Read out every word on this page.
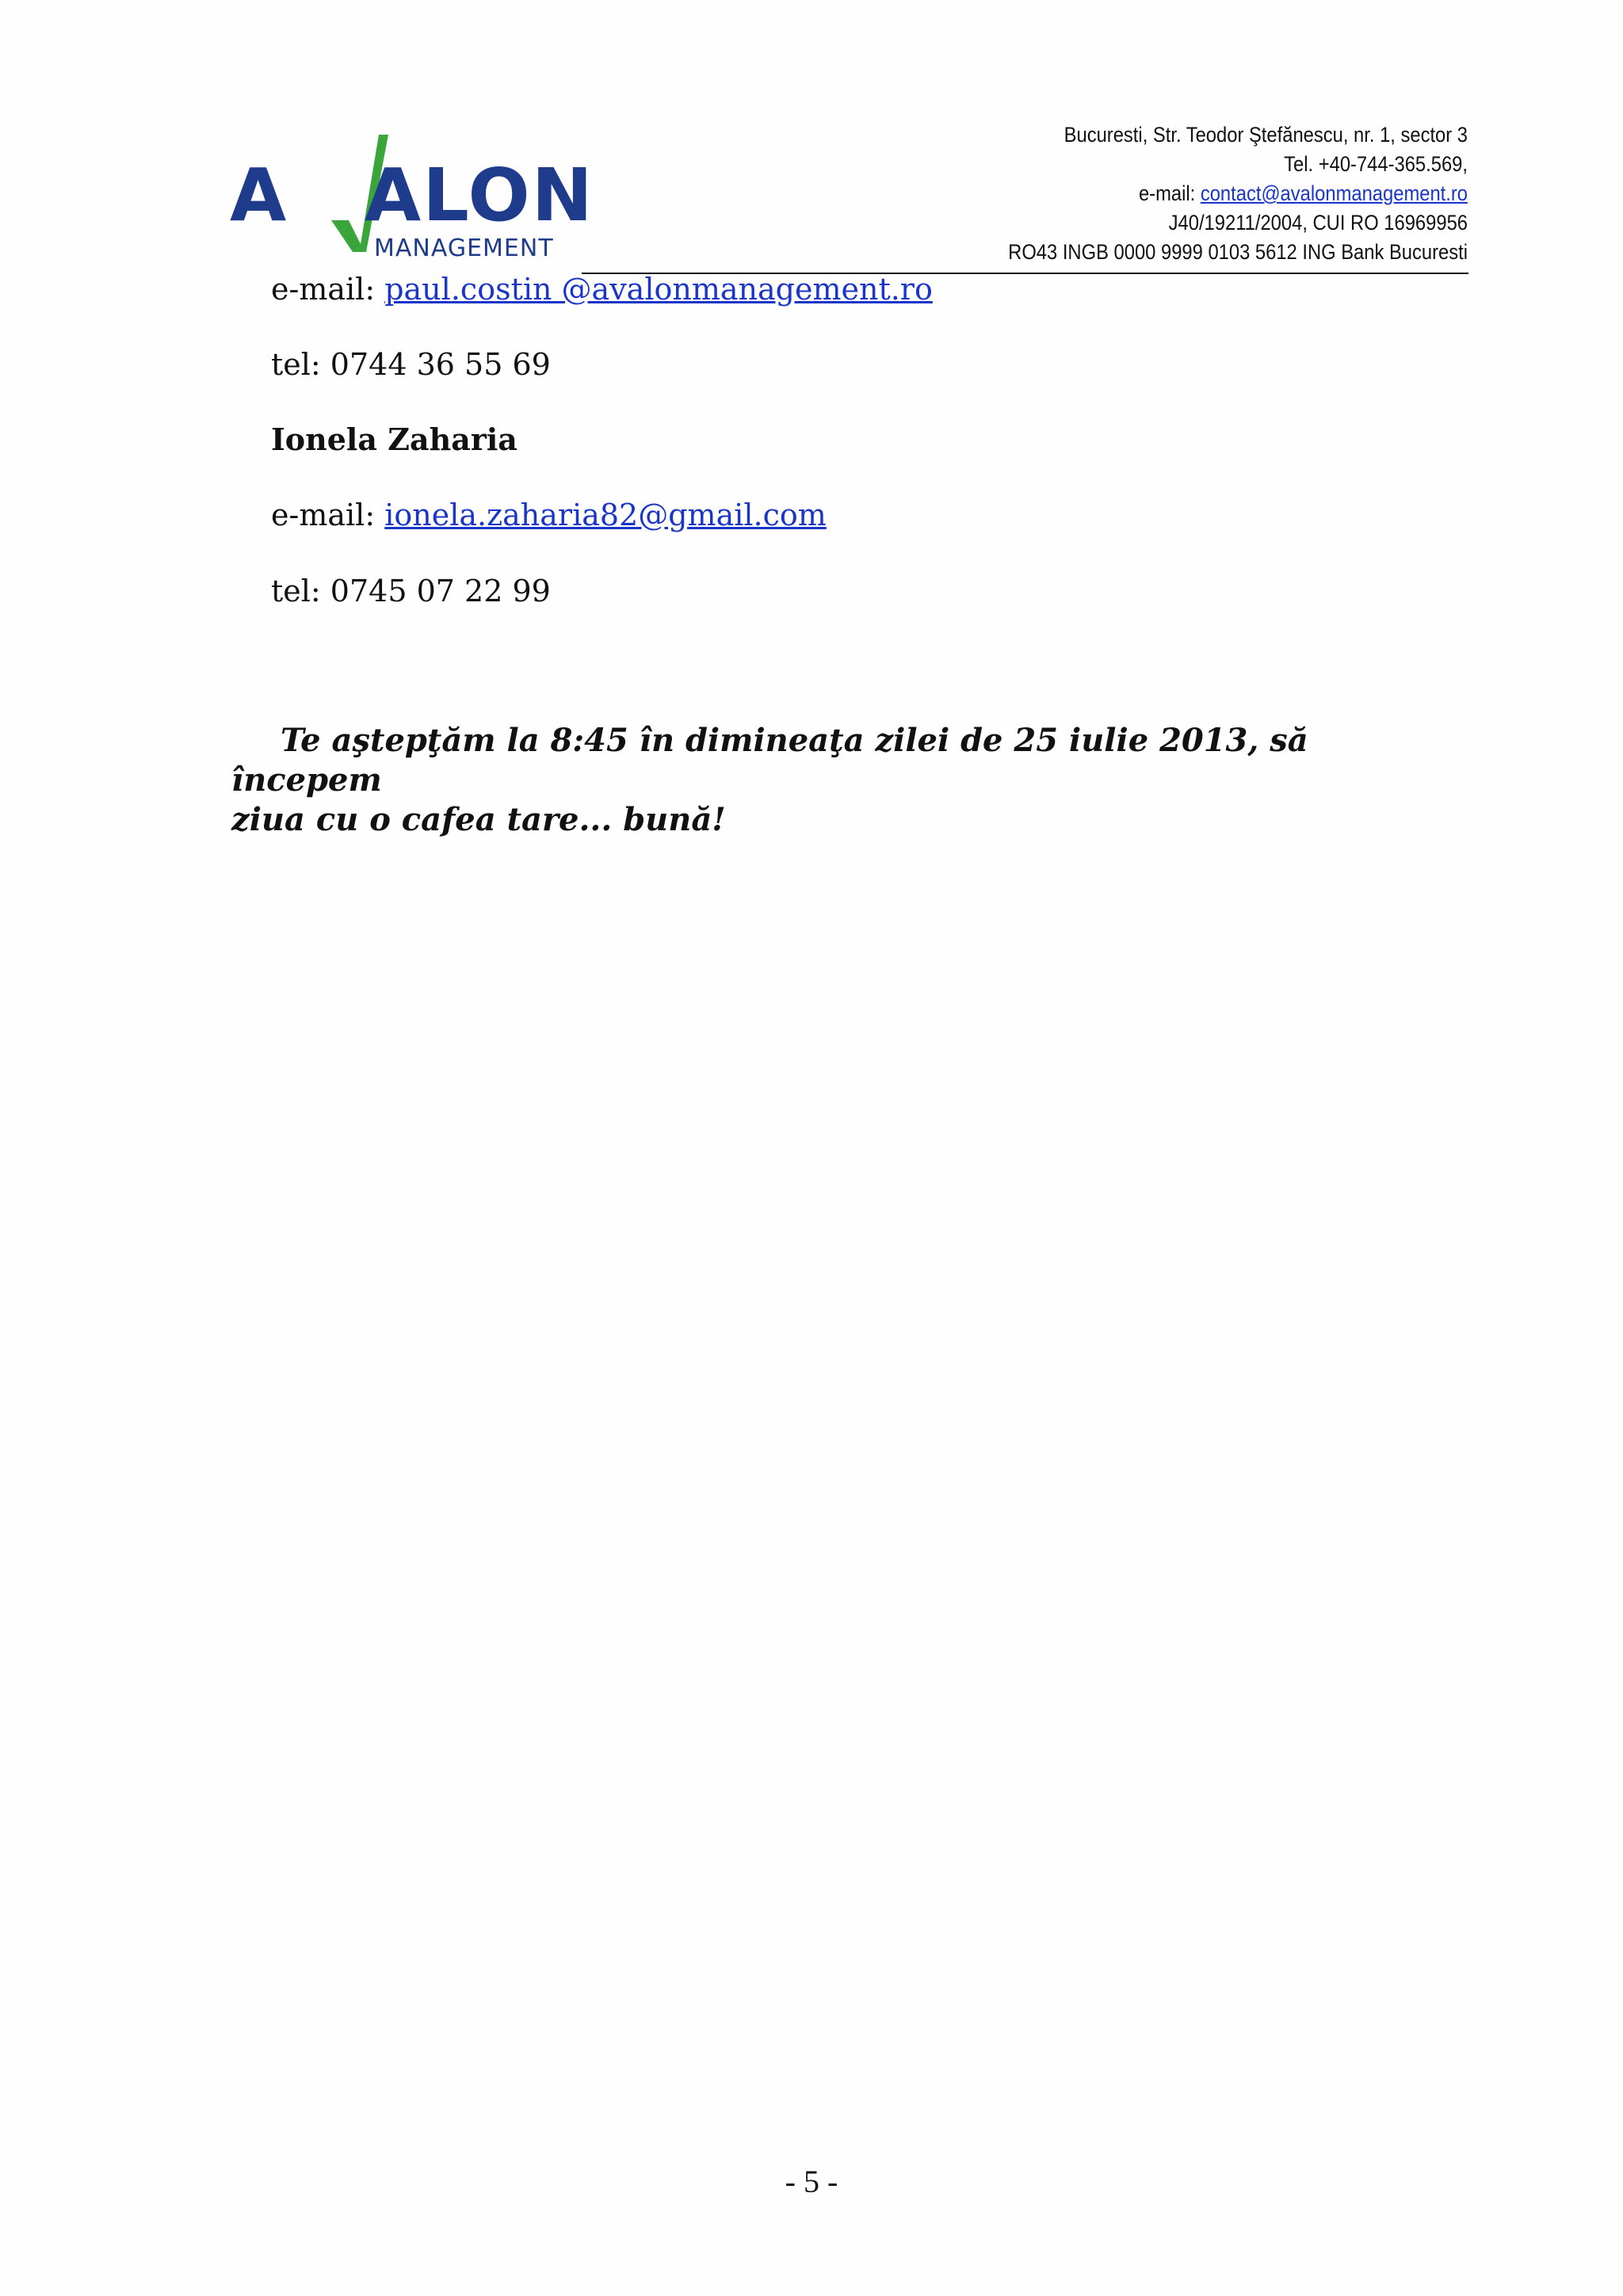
A ALON
MANAGEMENT
Bucuresti, Str. Teodor Ştefănescu, nr. 1, sector 3
Tel. +40-744-365.569,
e-mail: contact@avalonmanagement.ro
J40/19211/2004, CUI RO 16969956
RO43 INGB 0000 9999 0103 5612 ING Bank Bucuresti
e-mail: paul.costin @avalonmanagement.ro
tel: 0744 36 55 69
Ionela Zaharia
e-mail: ionela.zaharia82@gmail.com
tel: 0745 07 22 99
Te aştepţăm la 8:45 în dimineaţa zilei de 25 iulie 2013, să începem
ziua cu o cafea tare... bună!
- 5 -
